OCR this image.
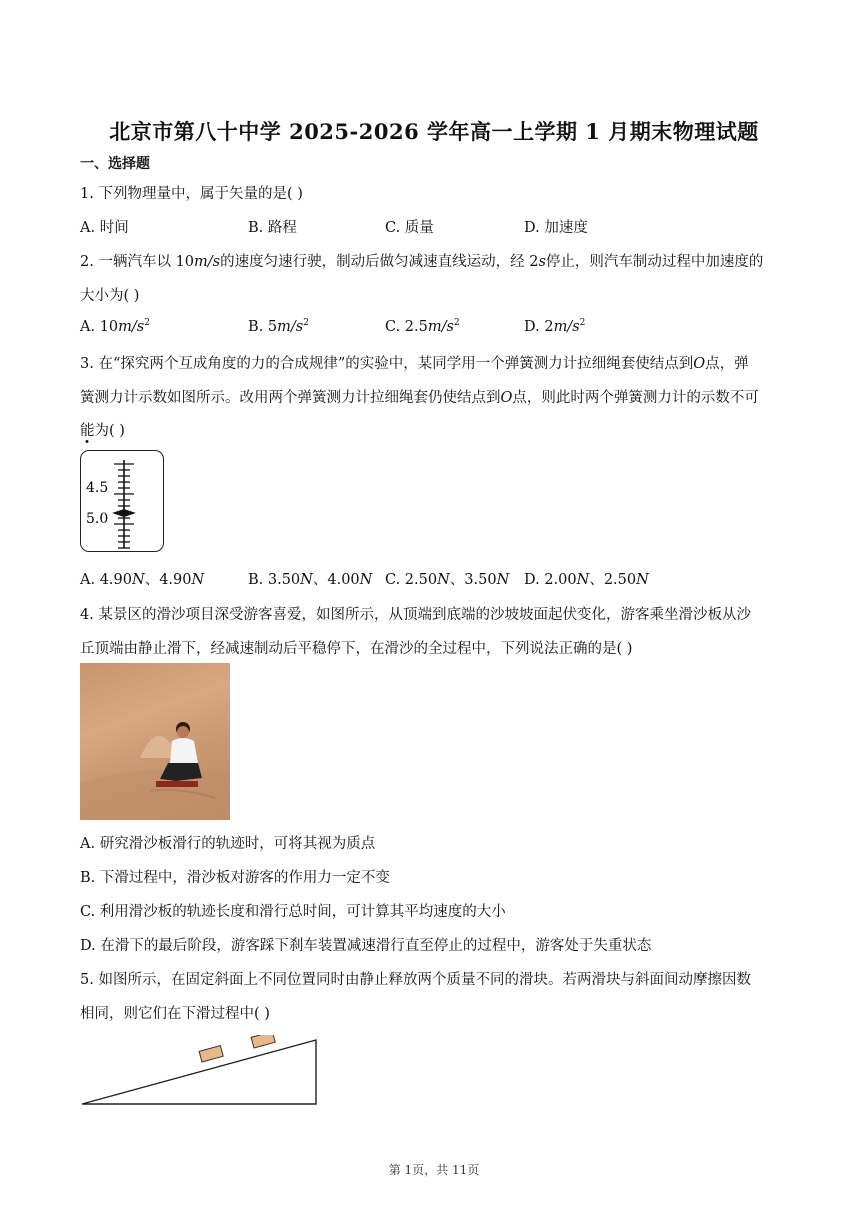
北京市第八十中学 2025-2026 学年高一上学期 1 月期末物理试题
一、选择题
1. 下列物理量中，属于矢量的是( )
A. 时间	B. 路程	C. 质量	D. 加速度
2. 一辆汽车以 10m/s的速度匀速行驶，制动后做匀减速直线运动，经 2s停止，则汽车制动过程中加速度的
大小为( )
A. $10m/s^2$	B. $5m/s^2$	C. $2.5m/s^2$	D. $2m/s^2$
3. 在“探究两个互成角度的力的合成规律”的实验中，某同学用一个弹簧测力计拉细绳套使结点到O点，弹
簧测力计示数如图所示。改用两个弹簧测力计拉细绳套仍使结点到O点，则此时两个弹簧测力计的示数不可
能为( )
4.5
5.0
A. 4.90N、4.90N	B. 3.50N、4.00N C. 2.50N、3.50N D. 2.00N、2.50N
4. 某景区的滑沙项目深受游客喜爱，如图所示，从顶端到底端的沙坡坡面起伏变化，游客乘坐滑沙板从沙
丘顶端由静止滑下，经减速制动后平稳停下，在滑沙的全过程中，下列说法正确的是( )
A. 研究滑沙板滑行的轨迹时，可将其视为质点
B. 下滑过程中，滑沙板对游客的作用力一定不变
C. 利用滑沙板的轨迹长度和滑行总时间，可计算其平均速度的大小
D. 在滑下的最后阶段，游客踩下刹车装置减速滑行直至停止的过程中，游客处于失重状态
5. 如图所示，在固定斜面上不同位置同时由静止释放两个质量不同的滑块。若两滑块与斜面间动摩擦因数
相同，则它们在下滑过程中( )
第 1页，共 11页
